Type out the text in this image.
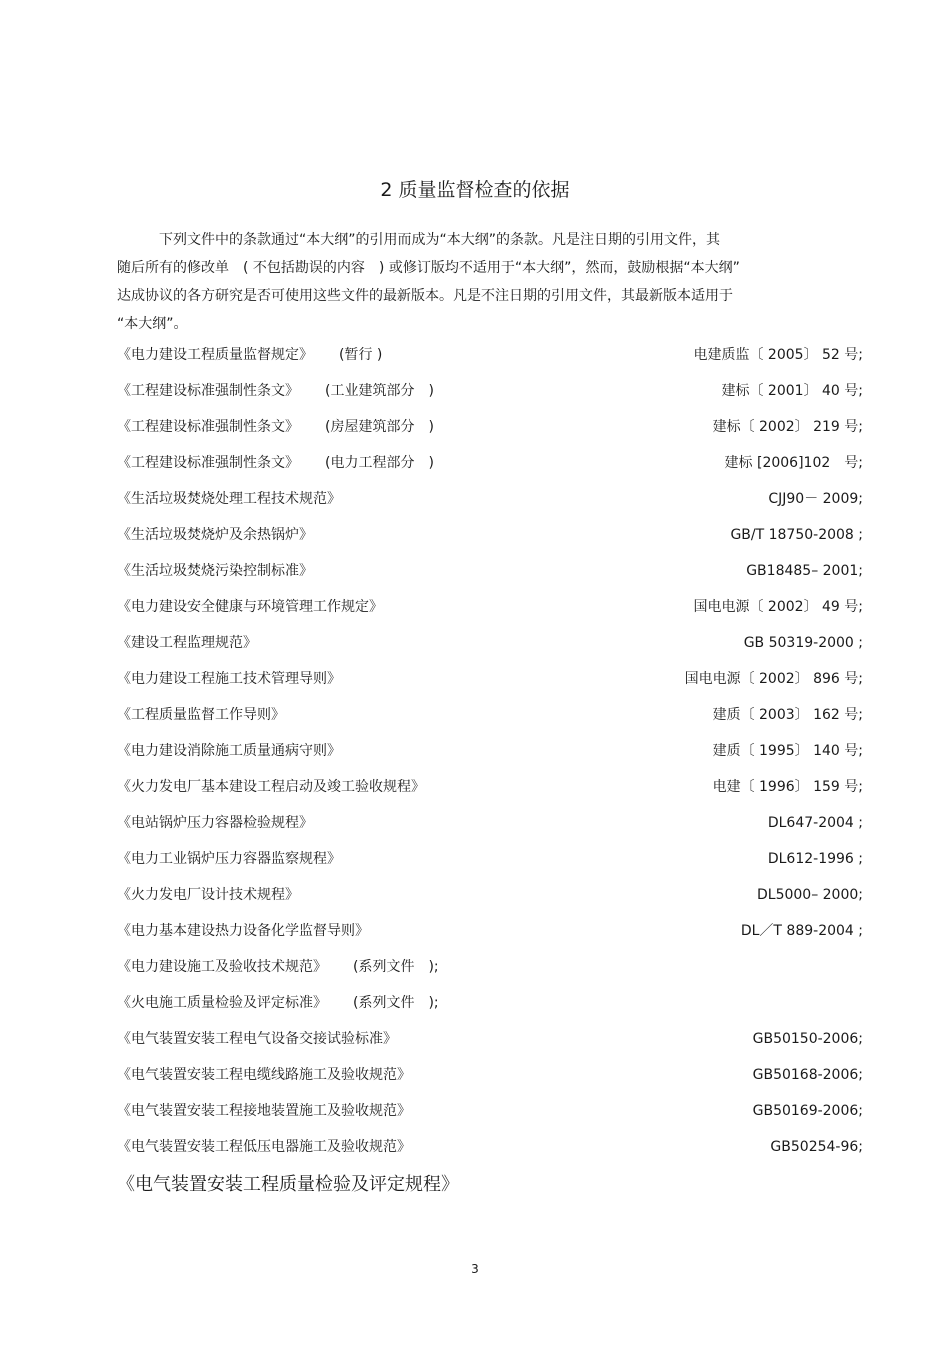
2 质量监督检查的依据
下列文件中的条款通过“本大纲”的引用而成为“本大纲”的条款。凡是注日期的引用文件，其
随后所有的修改单　( 不包括勘误的内容　) 或修订版均不适用于“本大纲”，然而，鼓励根据“本大纲”
达成协议的各方研究是否可使用这些文件的最新版本。凡是不注日期的引用文件，其最新版本适用于
“本大纲”。
《电力建设工程质量监督规定》 (暂行 )	电建质监〔 2005〕 52 号;
《工程建设标准强制性条文》 (工业建筑部分　)	建标〔 2001〕 40 号;
《工程建设标准强制性条文》 (房屋建筑部分　)	建标〔 2002〕 219 号;
《工程建设标准强制性条文》 (电力工程部分　)	建标 [2006]102　号;
《生活垃圾焚烧处理工程技术规范》	CJJ90－ 2009;
《生活垃圾焚烧炉及余热锅炉》	GB/T 18750-2008 ;
《生活垃圾焚烧污染控制标准》	GB18485– 2001;
《电力建设安全健康与环境管理工作规定》	国电电源〔 2002〕 49 号;
《建设工程监理规范》	GB 50319-2000 ;
《电力建设工程施工技术管理导则》	国电电源〔 2002〕 896 号;
《工程质量监督工作导则》	建质〔 2003〕 162 号;
《电力建设消除施工质量通病守则》	建质〔 1995〕 140 号;
《火力发电厂基本建设工程启动及竣工验收规程》	电建〔 1996〕 159 号;
《电站锅炉压力容器检验规程》	DL647-2004 ;
《电力工业锅炉压力容器监察规程》	DL612-1996 ;
《火力发电厂设计技术规程》	DL5000– 2000;
《电力基本建设热力设备化学监督导则》	DL／T 889-2004 ;
《电力建设施工及验收技术规范》 (系列文件　);
《火电施工质量检验及评定标准》 (系列文件　);
《电气装置安装工程电气设备交接试验标准》	GB50150-2006;
《电气装置安装工程电缆线路施工及验收规范》	GB50168-2006;
《电气装置安装工程接地装置施工及验收规范》	GB50169-2006;
《电气装置安装工程低压电器施工及验收规范》	GB50254-96;
《电气装置安装工程质量检验及评定规程》
3
